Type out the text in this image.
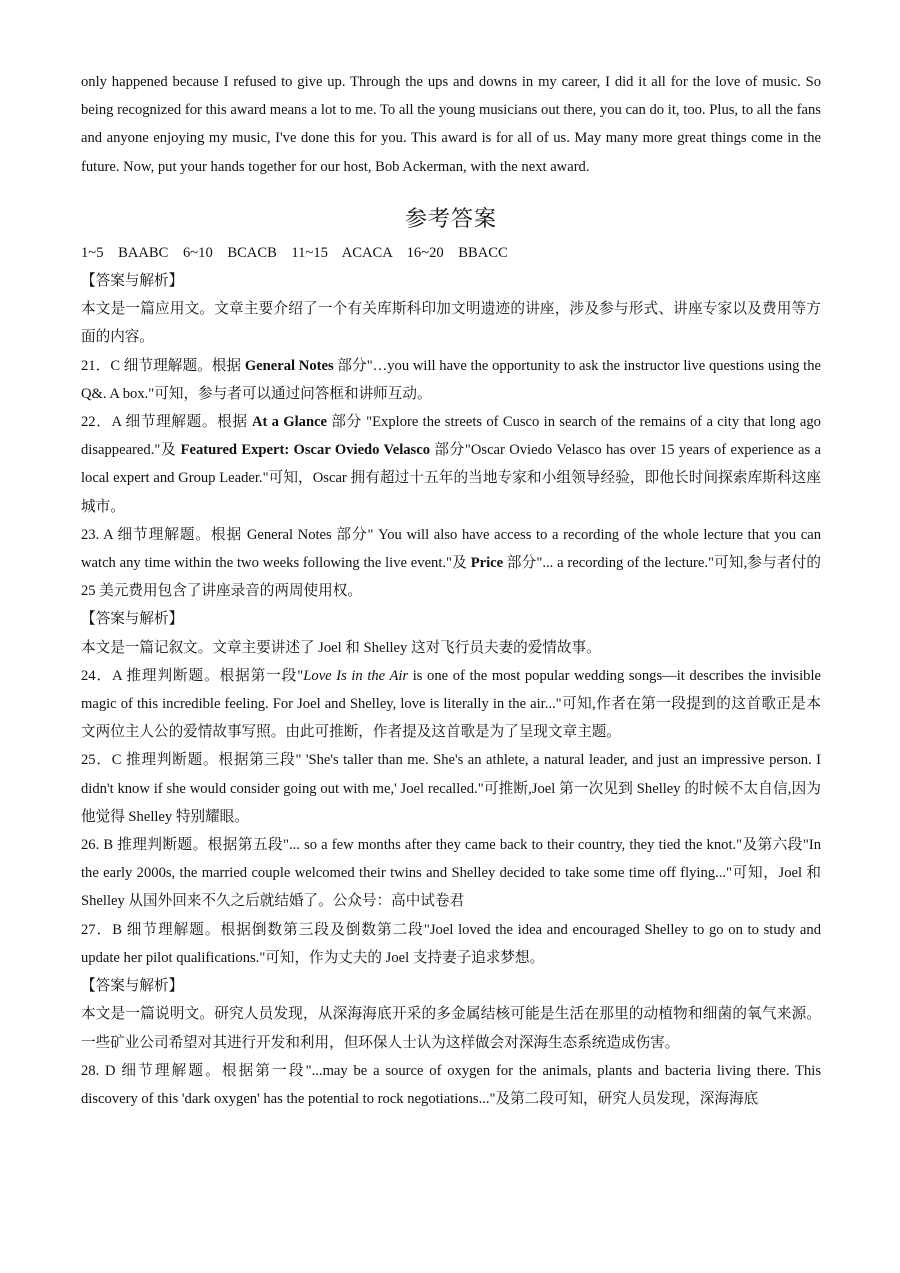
only happened because I refused to give up. Through the ups and downs in my career, I did it all for the love of music. So being recognized for this award means a lot to me. To all the young musicians out there, you can do it, too. Plus, to all the fans and anyone enjoying my music, I've done this for you. This award is for all of us. May many more great things come in the future. Now, put your hands together for our host, Bob Ackerman, with the next award.

参考答案

1~5    BAABC    6~10    BCACB    11~15    ACACA    16~20    BBACC

【答案与解析】

本文是一篇应用文。文章主要介绍了一个有关库斯科印加文明遗迹的讲座，涉及参与形式、讲座专家以及费用等方面的内容。

21．C 细节理解题。根据 General Notes 部分"…you will have the opportunity to ask the instructor live questions using the Q&. A box."可知，参与者可以通过问答框和讲师互动。

22．A 细节理解题。根据 At a Glance 部分 "Explore the streets of Cusco in search of the remains of a city that long ago disappeared."及 Featured Expert: Oscar Oviedo Velasco 部分"Oscar Oviedo Velasco has over 15 years of experience as a local expert and Group Leader."可知，Oscar 拥有超过十五年的当地专家和小组领导经验，即他长时间探索库斯科这座城市。

23. A 细节理解题。根据 General Notes 部分" You will also have access to a recording of the whole lecture that you can watch any time within the two weeks following the live event."及 Price 部分"... a recording of the lecture."可知,参与者付的 25 美元费用包含了讲座录音的两周使用权。

【答案与解析】

本文是一篇记叙文。文章主要讲述了 Joel 和 Shelley 这对飞行员夫妻的爱情故事。

24．A 推理判断题。根据第一段"Love Is in the Air is one of the most popular wedding songs—it describes the invisible magic of this incredible feeling. For Joel and Shelley, love is literally in the air..."可知,作者在第一段提到的这首歌正是本文两位主人公的爱情故事写照。由此可推断，作者提及这首歌是为了呈现文章主题。

25．C 推理判断题。根据第三段" 'She's taller than me. She's an athlete, a natural leader, and just an impressive person. I didn't know if she would consider going out with me,' Joel recalled."可推断,Joel 第一次见到 Shelley 的时候不太自信,因为他觉得 Shelley 特别耀眼。

26. B 推理判断题。根据第五段"... so a few months after they came back to their country, they tied the knot."及第六段"In the early 2000s, the married couple welcomed their twins and Shelley decided to take some time off flying..."可知，Joel 和 Shelley 从国外回来不久之后就结婚了。公众号：高中试卷君

27．B 细节理解题。根据倒数第三段及倒数第二段"Joel loved the idea and encouraged Shelley to go on to study and update her pilot qualifications."可知，作为丈夫的 Joel 支持妻子追求梦想。

【答案与解析】

本文是一篇说明文。研究人员发现，从深海海底开采的多金属结核可能是生活在那里的动植物和细菌的氧气来源。一些矿业公司希望对其进行开发和利用，但环保人士认为这样做会对深海生态系统造成伤害。

28. D 细节理解题。根据第一段"...may be a source of oxygen for the animals, plants and bacteria living there. This discovery of this 'dark oxygen' has the potential to rock negotiations..."及第二段可知，研究人员发现，深海海底
